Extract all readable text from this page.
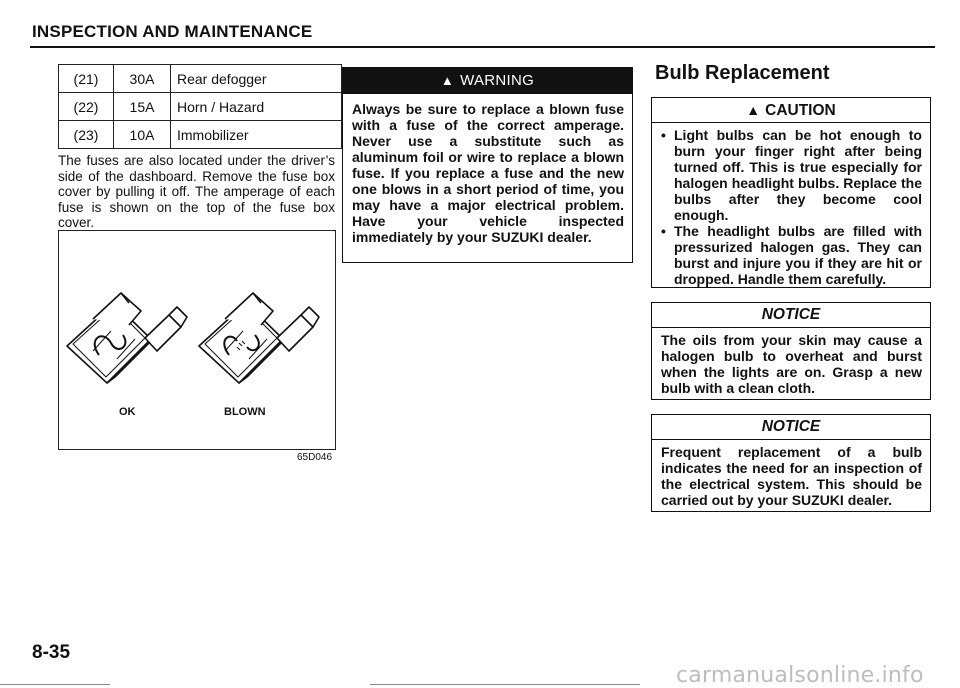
INSPECTION AND MAINTENANCE
(21)	30A	Rear defogger
(22)	15A	Horn / Hazard
(23)	10A	Immobilizer

The fuses are also located under the driver’s side of the dashboard. Remove the fuse box cover by pulling it off. The amperage of each fuse is shown on the top of the fuse box cover.

OK	BLOWN
65D046
▲ WARNING

Always be sure to replace a blown fuse with a fuse of the correct amperage. Never use a substitute such as aluminum foil or wire to replace a blown fuse. If you replace a fuse and the new one blows in a short period of time, you may have a major electrical problem. Have your vehicle inspected immediately by your SUZUKI dealer.

Bulb Replacement
▲ CAUTION
• Light bulbs can be hot enough to burn your finger right after being turned off. This is true especially for halogen headlight bulbs. Replace the bulbs after they become cool enough.
• The headlight bulbs are filled with pressurized halogen gas. They can burst and injure you if they are hit or dropped. Handle them carefully.
NOTICE

The oils from your skin may cause a halogen bulb to overheat and burst when the lights are on. Grasp a new bulb with a clean cloth.

NOTICE

Frequent replacement of a bulb indicates the need for an inspection of the electrical system. This should be carried out by your SUZUKI dealer.

8-35
carmanualsonline.info
